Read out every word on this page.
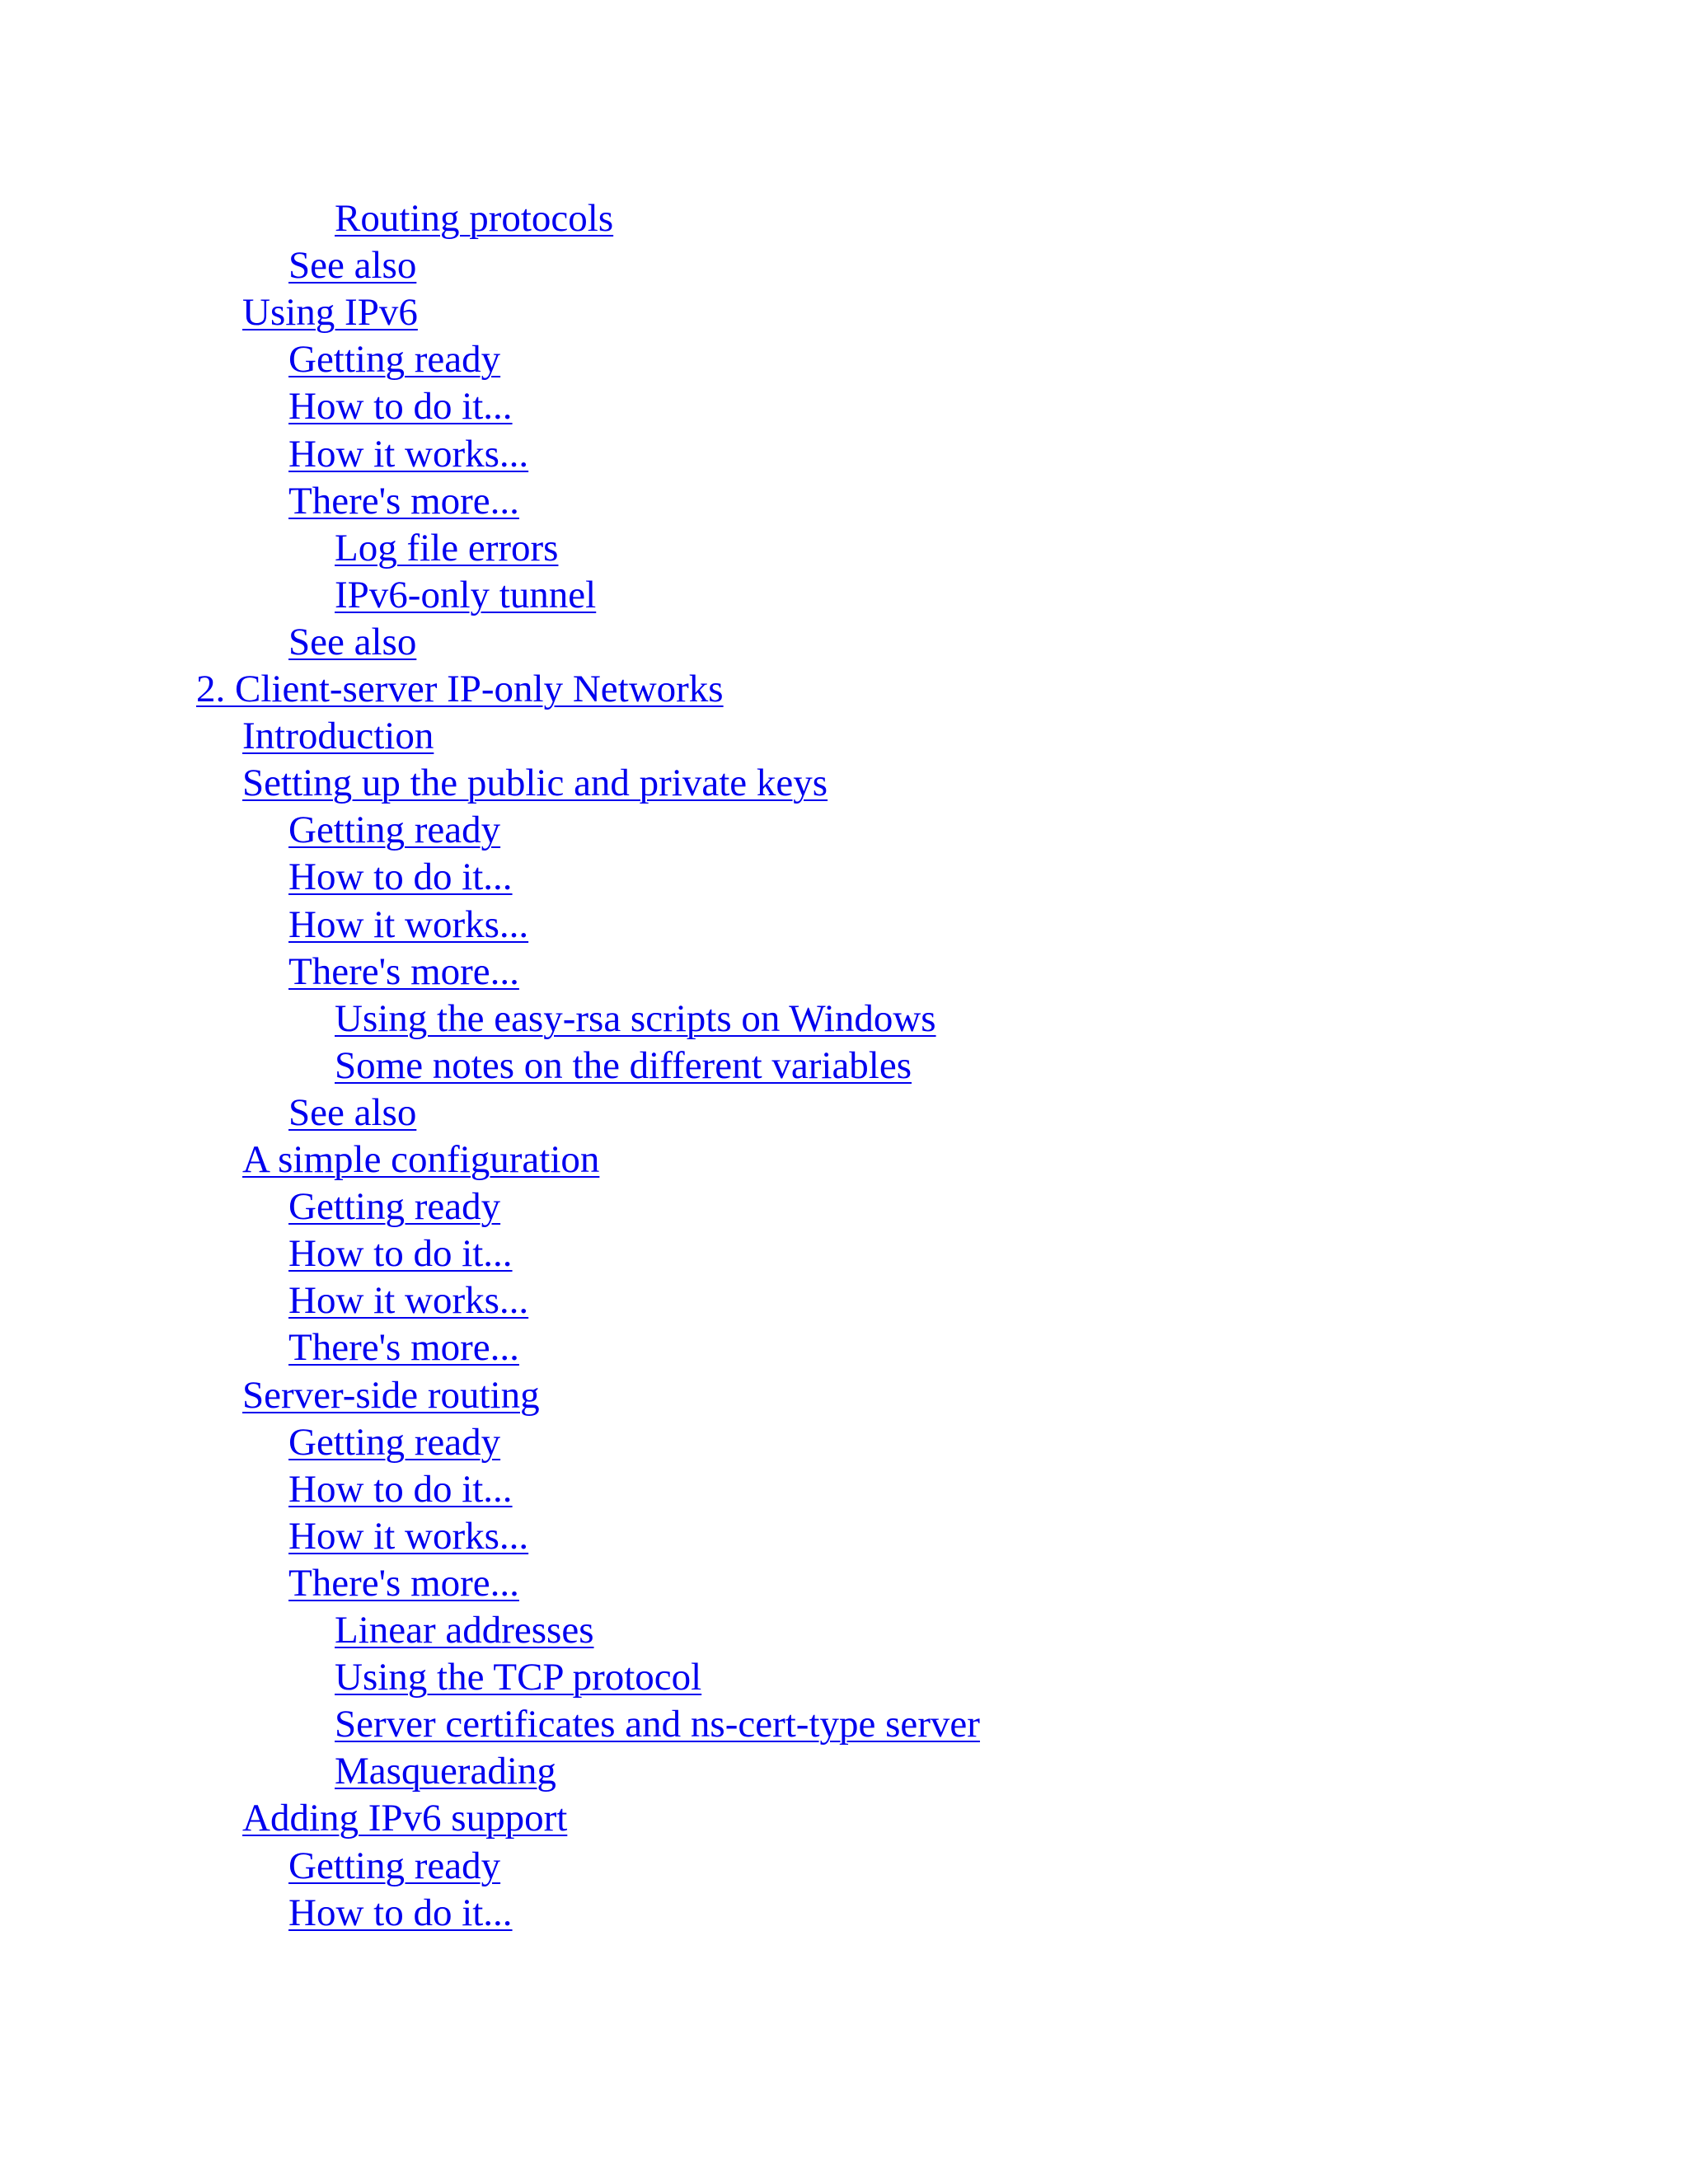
Routing protocols
See also
Using IPv6
Getting ready
How to do it...
How it works...
There's more...
Log file errors
IPv6-only tunnel
See also
2. Client-server IP-only Networks
Introduction
Setting up the public and private keys
Getting ready
How to do it...
How it works...
There's more...
Using the easy-rsa scripts on Windows
Some notes on the different variables
See also
A simple configuration
Getting ready
How to do it...
How it works...
There's more...
Server-side routing
Getting ready
How to do it...
How it works...
There's more...
Linear addresses
Using the TCP protocol
Server certificates and ns-cert-type server
Masquerading
Adding IPv6 support
Getting ready
How to do it...
